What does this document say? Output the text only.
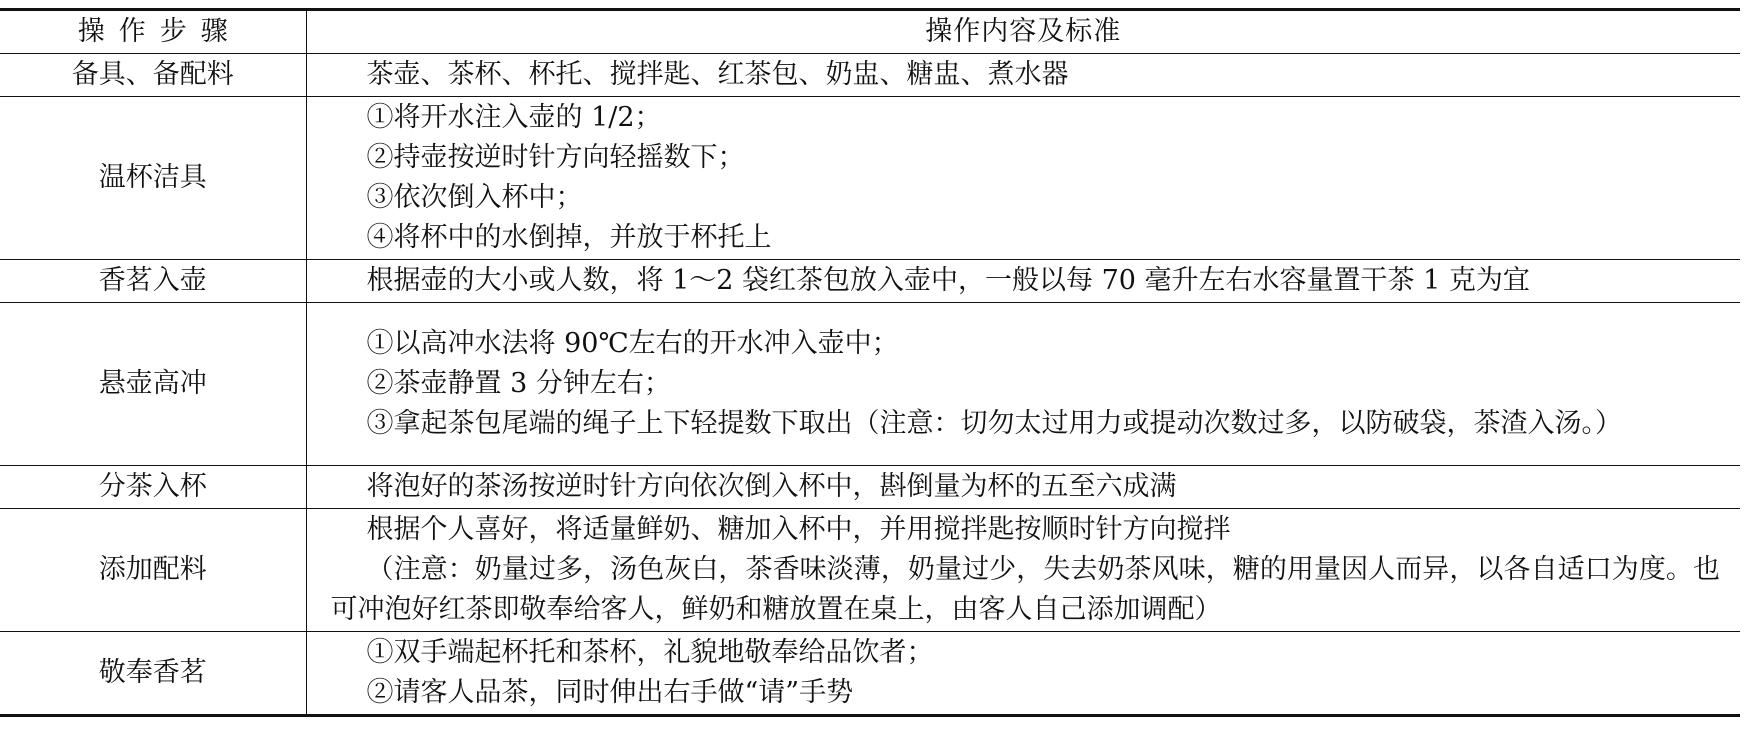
操作步骤	操作内容及标准
备具、备配料	茶壶、茶杯、杯托、搅拌匙、红茶包、奶盅、糖盅、煮水器

温杯洁具	①将开水注入壶的 1/2；
②持壶按逆时针方向轻摇数下；
③依次倒入杯中；
④将杯中的水倒掉，并放于杯托上

香茗入壶	根据壶的大小或人数，将 1～2 袋红茶包放入壶中，一般以每 70 毫升左右水容量置干茶 1 克为宜

悬壶高冲	①以高冲水法将 90℃左右的开水冲入壶中；
②茶壶静置 3 分钟左右；
③拿起茶包尾端的绳子上下轻提数下取出（注意：切勿太过用力或提动次数过多，以防破袋，茶渣入汤。）

分茶入杯	将泡好的茶汤按逆时针方向依次倒入杯中，斟倒量为杯的五至六成满

添加配料	根据个人喜好，将适量鲜奶、糖加入杯中，并用搅拌匙按顺时针方向搅拌
（注意：奶量过多，汤色灰白，茶香味淡薄，奶量过少，失去奶茶风味，糖的用量因人而异，以各自适口为度。也可冲泡好红茶即敬奉给客人，鲜奶和糖放置在桌上，由客人自己添加调配）

敬奉香茗	①双手端起杯托和茶杯，礼貌地敬奉给品饮者；
②请客人品茶，同时伸出右手做“请”手势
